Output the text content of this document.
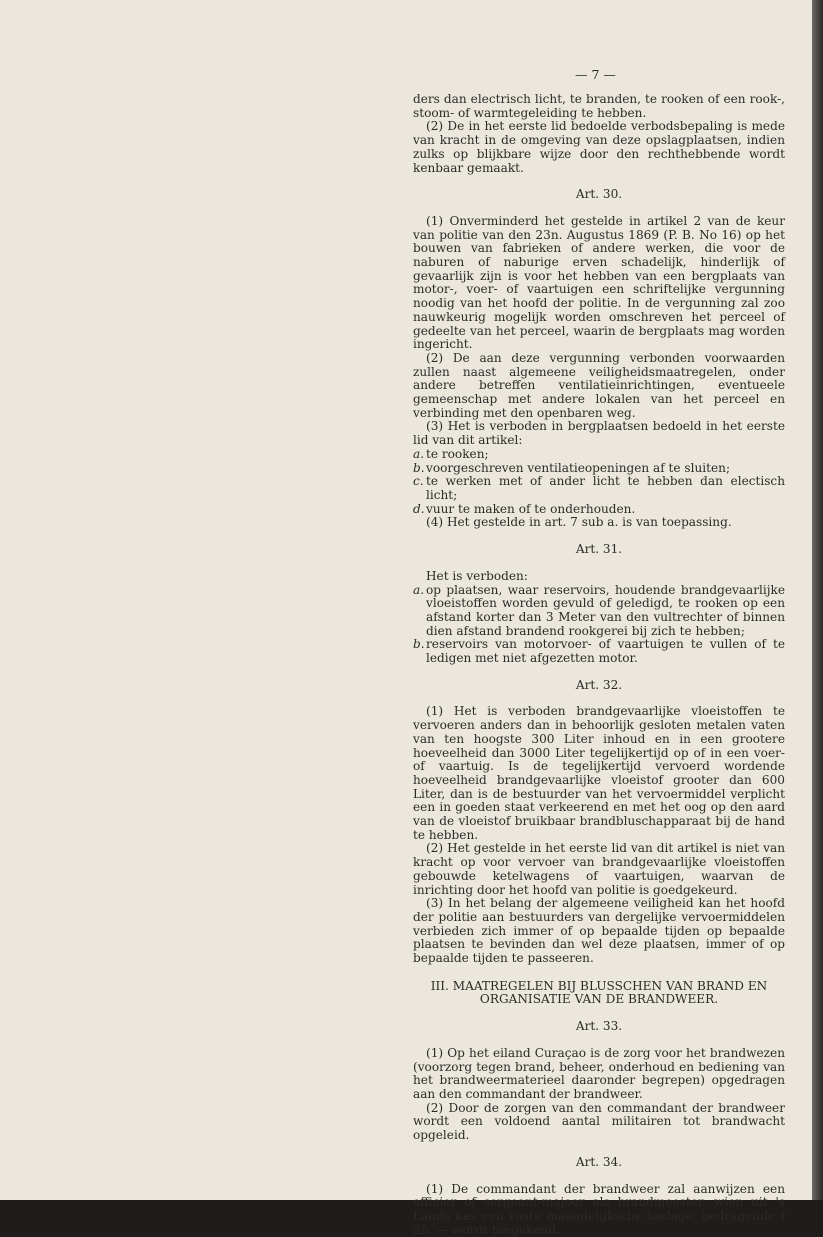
— 7 —

ders dan electrisch licht, te branden, te rooken of een rook-, stoom- of warmtegeleiding te hebben.

(2) De in het eerste lid bedoelde verbodsbepaling is mede van kracht in de omgeving van deze opslagplaatsen, indien zulks op blijkbare wijze door den rechthebbende wordt kenbaar gemaakt.

Art. 30.

(1) Onverminderd het gestelde in artikel 2 van de keur van politie van den 23n. Augustus 1869 (P. B. No 16) op het bouwen van fabrieken of andere werken, die voor de naburen of naburige erven schadelijk, hinderlijk of gevaarlijk zijn is voor het hebben van een bergplaats van motor-, voer- of vaartuigen een schriftelijke vergunning noodig van het hoofd der politie. In de vergunning zal zoo nauwkeurig mogelijk worden omschreven het perceel of gedeelte van het perceel, waarin de bergplaats mag worden ingericht.

(2) De aan deze vergunning verbonden voorwaarden zullen naast algemeene veiligheidsmaatregelen, onder andere betreffen ventilatieinrichtingen, eventueele gemeenschap met andere lokalen van het perceel en verbinding met den openbaren weg.

(3) Het is verboden in bergplaatsen bedoeld in het eerste lid van dit artikel:

a. te rooken;
b. voorgeschreven ventilatieopeningen af te sluiten;
c. te werken met of ander licht te hebben dan electisch licht;
d. vuur te maken of te onderhouden.

(4) Het gestelde in art. 7 sub a. is van toepassing.

Art. 31.

Het is verboden:

a. op plaatsen, waar reservoirs, houdende brandgevaarlijke vloeistoffen worden gevuld of geledigd, te rooken op een afstand korter dan 3 Meter van den vultrechter of binnen dien afstand brandend rookgerei bij zich te hebben;
b. reservoirs van motorvoer- of vaartuigen te vullen of te ledigen met niet afgezetten motor.

Art. 32.

(1) Het is verboden brandgevaarlijke vloeistoffen te vervoeren anders dan in behoorlijk gesloten metalen vaten van ten hoogste 300 Liter inhoud en in een grootere hoeveelheid dan 3000 Liter tegelijkertijd op of in een voer- of vaartuig. Is de tegelijkertijd vervoerd wordende hoeveelheid brandgevaarlijke vloeistof grooter dan 600 Liter, dan is de bestuurder van het vervoermiddel verplicht een in goeden staat verkeerend en met het oog op den aard van de vloeistof bruikbaar brandbluschapparaat bij de hand te hebben.

(2) Het gestelde in het eerste lid van dit artikel is niet van kracht op voor vervoer van brandgevaarlijke vloeistoffen gebouwde ketelwagens of vaartuigen, waarvan de inrichting door het hoofd van politie is goedgekeurd.

(3) In het belang der algemeene veiligheid kan het hoofd der politie aan bestuurders van dergelijke vervoermiddelen verbieden zich immer of op bepaalde tijden op bepaalde plaatsen te bevinden dan wel deze plaatsen, immer of op bepaalde tijden te passeeren.

III. MAATREGELEN BIJ BLUSSCHEN VAN BRAND EN ORGANISATIE VAN DE BRANDWEER.

Art. 33.

(1) Op het eiland Curaçao is de zorg voor het brandwezen (voorzorg tegen brand, beheer, onderhoud en bediening van het brandweermaterieel daaronder begrepen) opgedragen aan den commandant der brandweer.

(2) Door de zorgen van den commandant der brandweer wordt een voldoend aantal militairen tot brandwacht opgeleid.

Art. 34.

(1) De commandant der brandweer zal aanwijzen een officier of sergeant-majoor als brandmeester, wien uit 's Lands kas een vaste maandelijksche toelage, bedragende f 25. — wordt toegekend.
